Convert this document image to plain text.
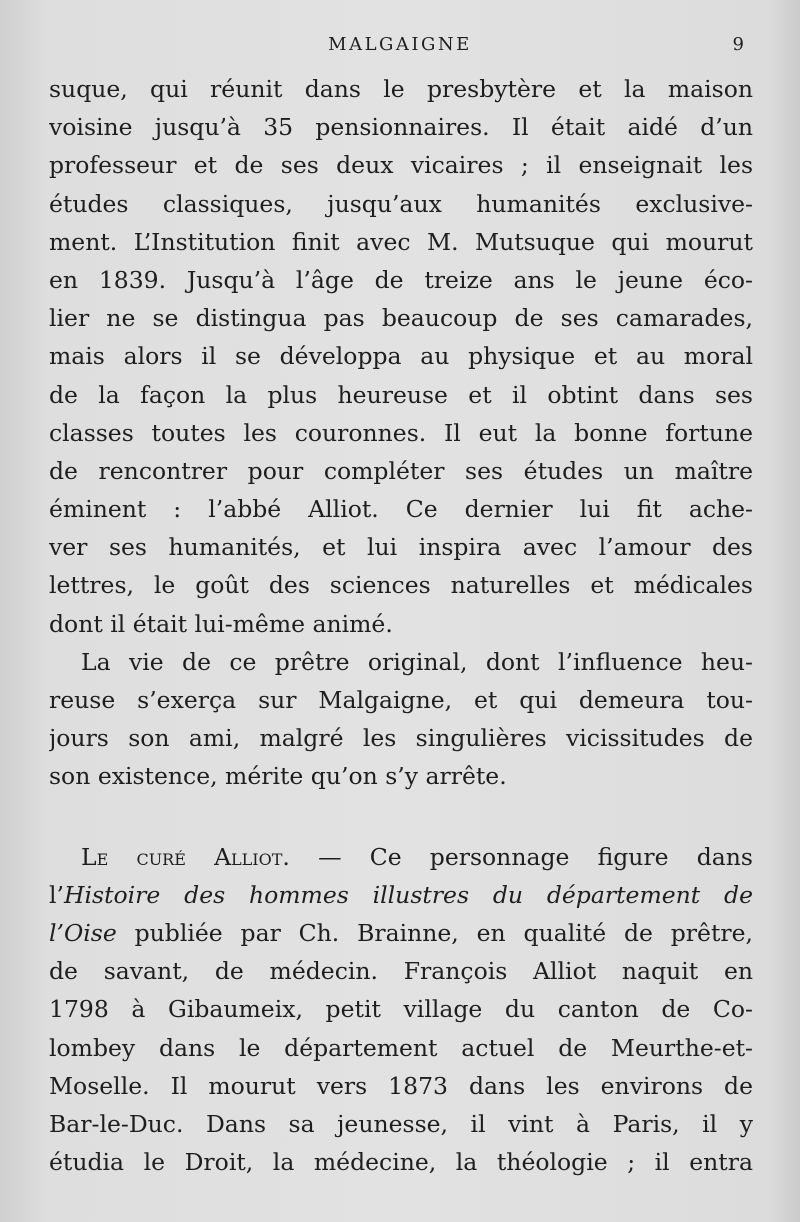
MALGAIGNE	9
suque, qui réunit dans le presbytère et la maison
voisine jusqu’à 35 pensionnaires. Il était aidé d’un
professeur et de ses deux vicaires ; il enseignait les
études classiques, jusqu’aux humanités exclusive-
ment. L’Institution finit avec M. Mutsuque qui mourut
en 1839. Jusqu’à l’âge de treize ans le jeune éco-
lier ne se distingua pas beaucoup de ses camarades,
mais alors il se développa au physique et au moral
de la façon la plus heureuse et il obtint dans ses
classes toutes les couronnes. Il eut la bonne fortune
de rencontrer pour compléter ses études un maître
éminent : l’abbé Alliot. Ce dernier lui fit ache-
ver ses humanités, et lui inspira avec l’amour des
lettres, le goût des sciences naturelles et médicales
dont il était lui-même animé.
La vie de ce prêtre original, dont l’influence heu-
reuse s’exerça sur Malgaigne, et qui demeura tou-
jours son ami, malgré les singulières vicissitudes de
son existence, mérite qu’on s’y arrête.
Le curé Alliot. — Ce personnage figure dans
l’Histoire des hommes illustres du département de
l’Oise publiée par Ch. Brainne, en qualité de prêtre,
de savant, de médecin. François Alliot naquit en
1798 à Gibaumeix, petit village du canton de Co-
lombey dans le département actuel de Meurthe-et-
Moselle. Il mourut vers 1873 dans les environs de
Bar-le-Duc. Dans sa jeunesse, il vint à Paris, il y
étudia le Droit, la médecine, la théologie ; il entra
